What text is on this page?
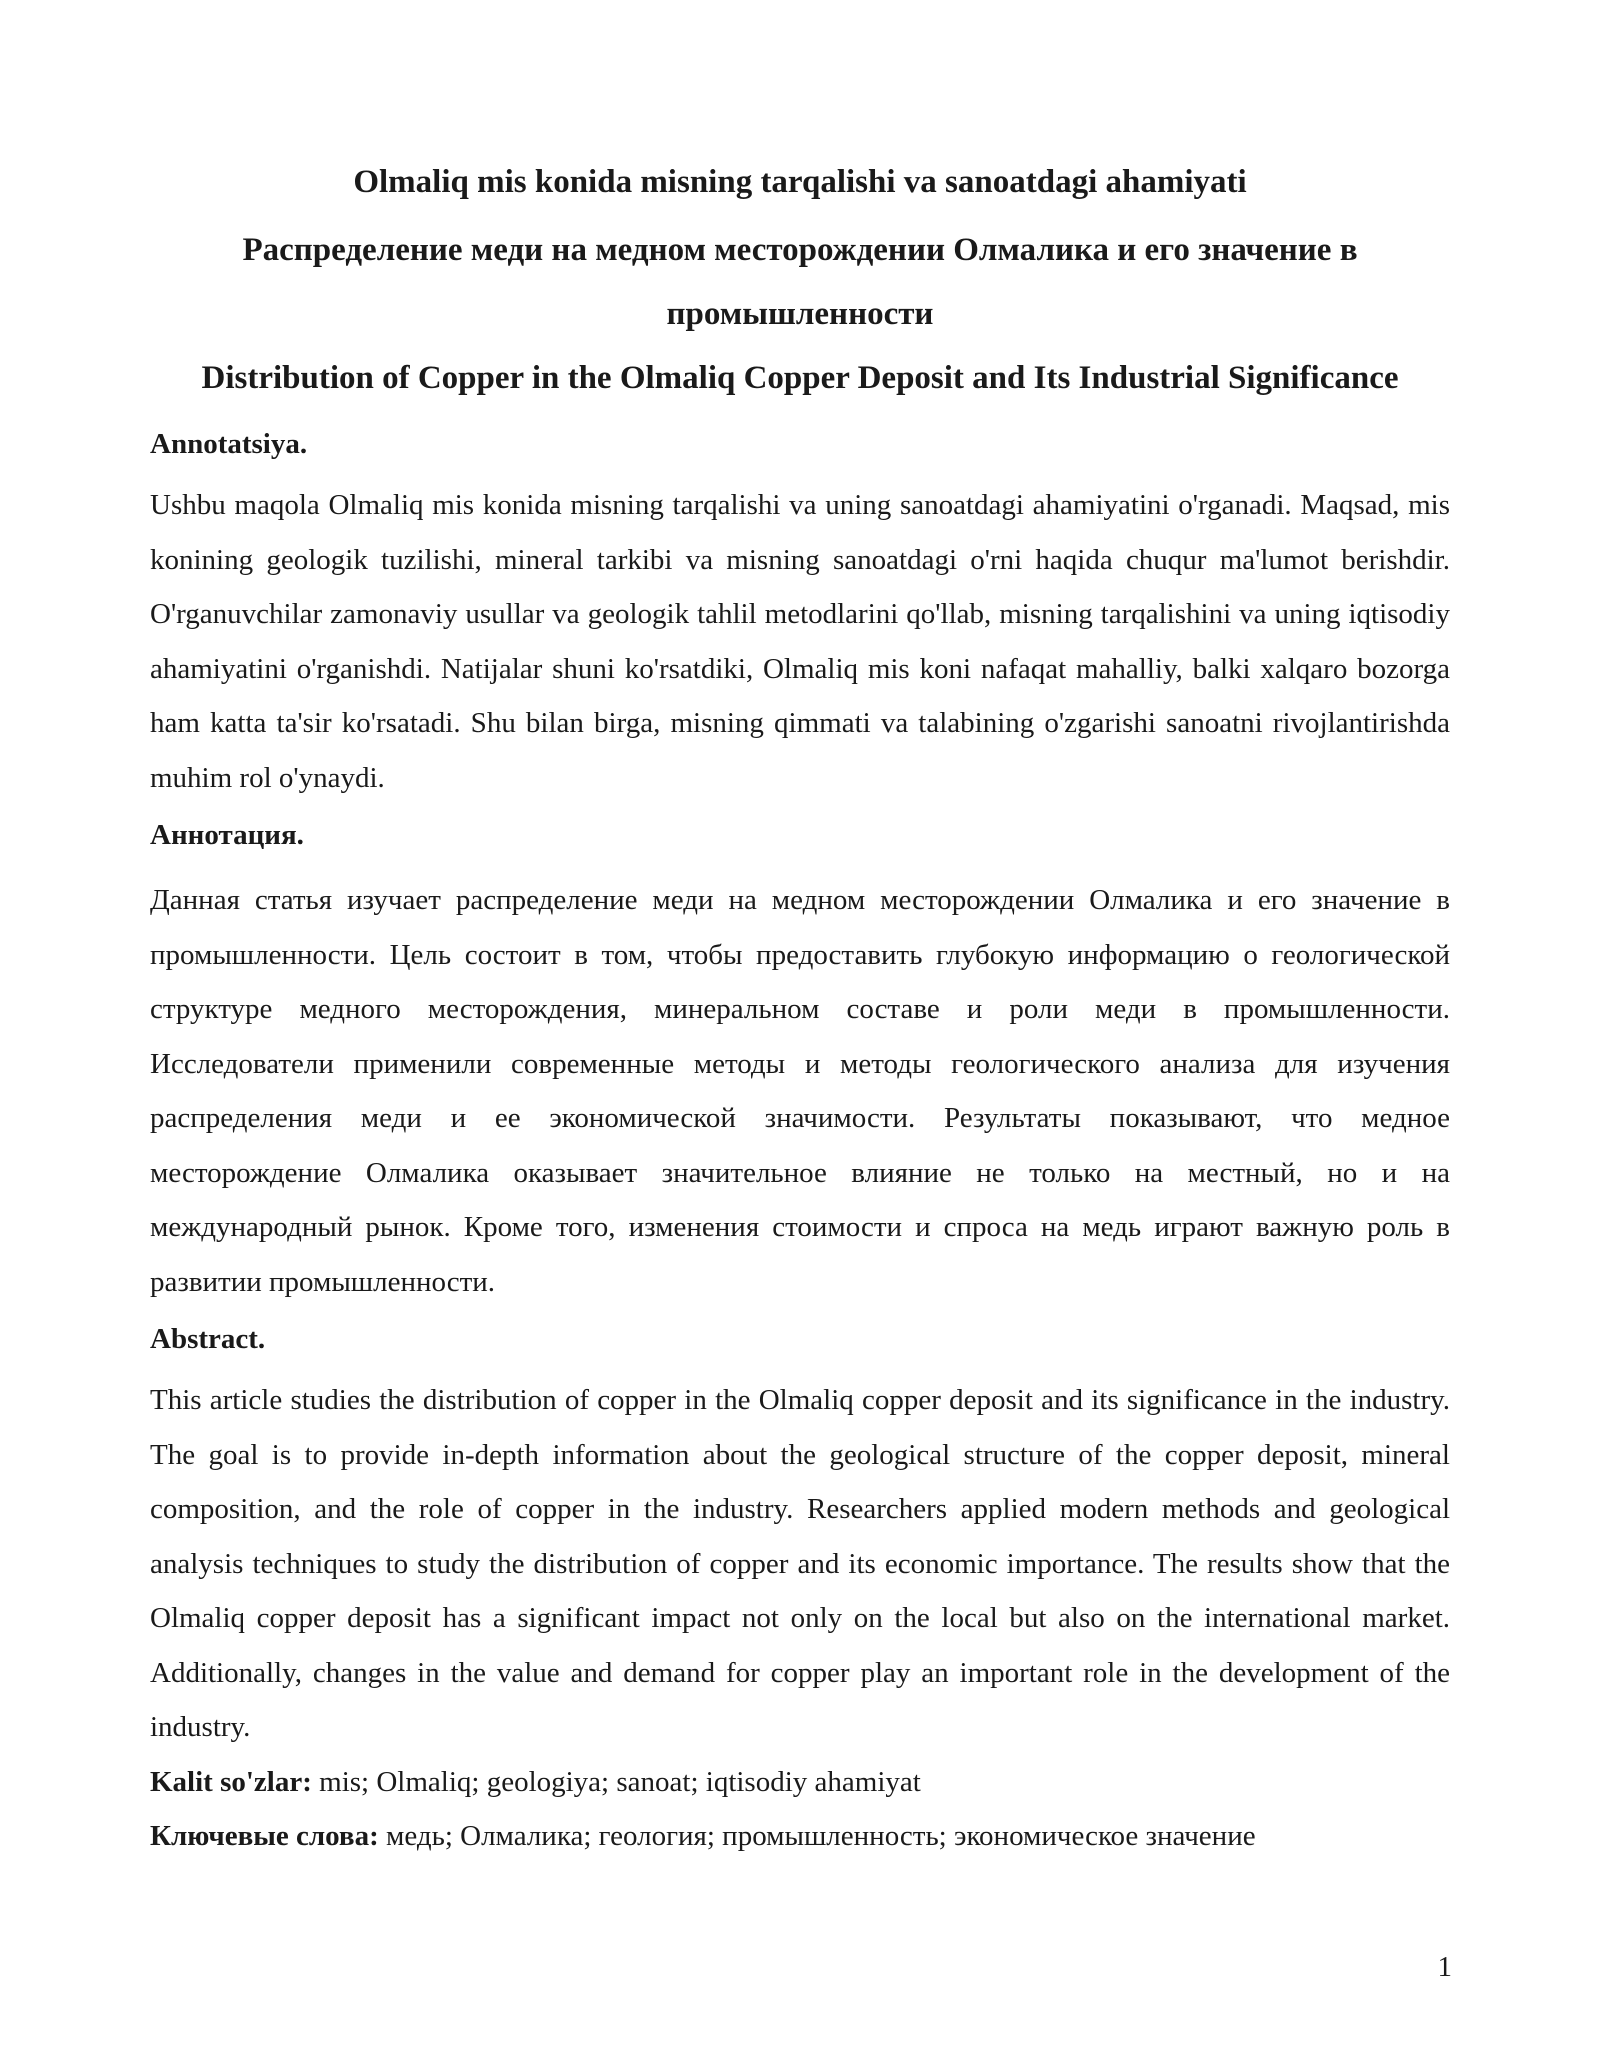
Olmaliq mis konida misning tarqalishi va sanoatdagi ahamiyati
Распределение меди на медном месторождении Олмалика и его значение в промышленности
Distribution of Copper in the Olmaliq Copper Deposit and Its Industrial Significance

Annotatsiya.

Ushbu maqola Olmaliq mis konida misning tarqalishi va uning sanoatdagi ahamiyatini o'rganadi. Maqsad, mis konining geologik tuzilishi, mineral tarkibi va misning sanoatdagi o'rni haqida chuqur ma'lumot berishdir. O'rganuvchilar zamonaviy usullar va geologik tahlil metodlarini qo'llab, misning tarqalishini va uning iqtisodiy ahamiyatini o'rganishdi. Natijalar shuni ko'rsatdiki, Olmaliq mis koni nafaqat mahalliy, balki xalqaro bozorga ham katta ta'sir ko'rsatadi. Shu bilan birga, misning qimmati va talabining o'zgarishi sanoatni rivojlantirishda muhim rol o'ynaydi.

Аннотация.

Данная статья изучает распределение меди на медном месторождении Олмалика и его значение в промышленности. Цель состоит в том, чтобы предоставить глубокую информацию о геологической структуре медного месторождения, минеральном составе и роли меди в промышленности. Исследователи применили современные методы и методы геологического анализа для изучения распределения меди и ее экономической значимости. Результаты показывают, что медное месторождение Олмалика оказывает значительное влияние не только на местный, но и на международный рынок. Кроме того, изменения стоимости и спроса на медь играют важную роль в развитии промышленности.

Abstract.

This article studies the distribution of copper in the Olmaliq copper deposit and its significance in the industry. The goal is to provide in-depth information about the geological structure of the copper deposit, mineral composition, and the role of copper in the industry. Researchers applied modern methods and geological analysis techniques to study the distribution of copper and its economic importance. The results show that the Olmaliq copper deposit has a significant impact not only on the local but also on the international market. Additionally, changes in the value and demand for copper play an important role in the development of the industry.

Kalit so'zlar: mis; Olmaliq; geologiya; sanoat; iqtisodiy ahamiyat

Ключевые слова: медь; Олмалика; геология; промышленность; экономическое значение

1
